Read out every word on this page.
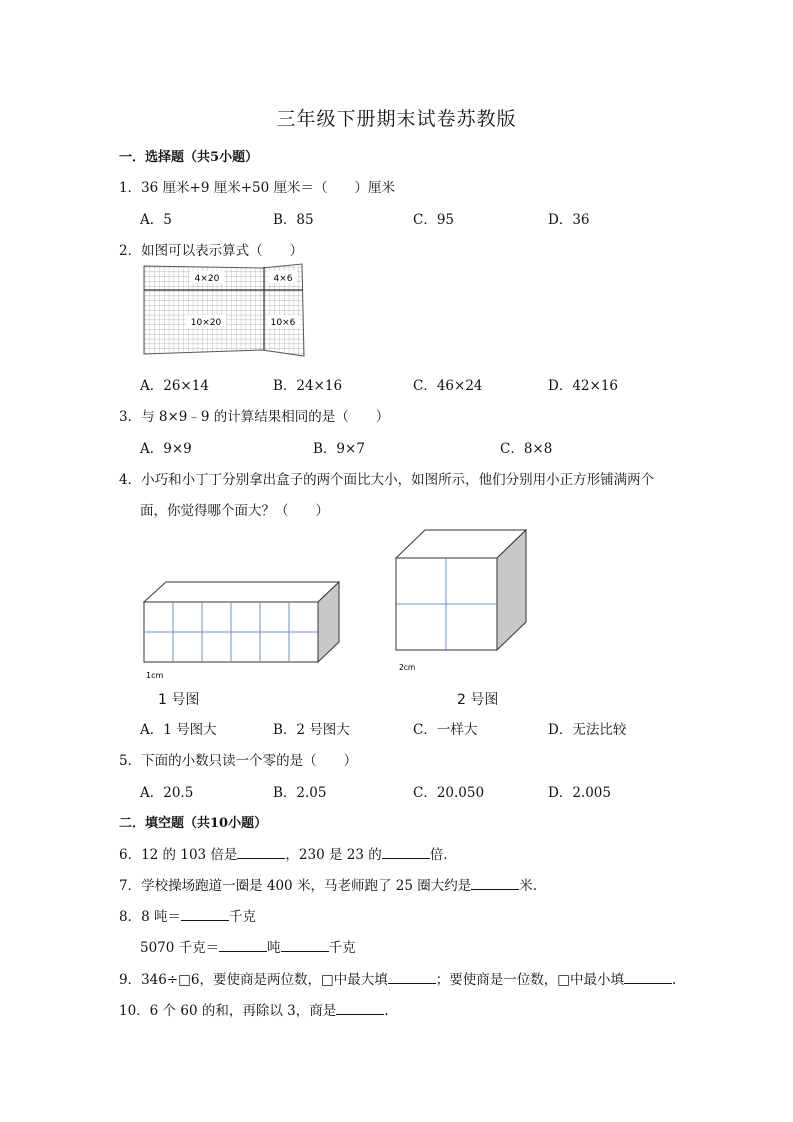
三年级下册期末试卷苏教版
一．选择题（共5小题）
1．36 厘米+9 厘米+50 厘米＝（　　）厘米
A．5	B．85	C．95	D．36
2．如图可以表示算式（　　）
4×20	4×6
10×20	10×6
A．26×14	B．24×16	C．46×24	D．42×16
3．与 8×9﹣9 的计算结果相同的是（　　）
A．9×9	B．9×7	C．8×8
4．小巧和小丁丁分别拿出盒子的两个面比大小，如图所示，他们分别用小正方形铺满两个
面，你觉得哪个面大？（　　）
1cm
2cm
1 号图	2 号图
A．1 号图大	B．2 号图大	C．一样大	D．无法比较
5．下面的小数只读一个零的是（　　）
A．20.5	B．2.05	C．20.050	D．2.005
二．填空题（共10小题）
6．12 的 103 倍是	，230 是 23 的	倍.
7．学校操场跑道一圈是 400 米，马老师跑了 25 圈大约是	米.
8．8 吨＝	千克
5070 千克＝	吨	千克
9．346÷□6，要使商是两位数，□中最大填	；要使商是一位数，□中最小填	.
10．6 个 60 的和，再除以 3，商是	.
